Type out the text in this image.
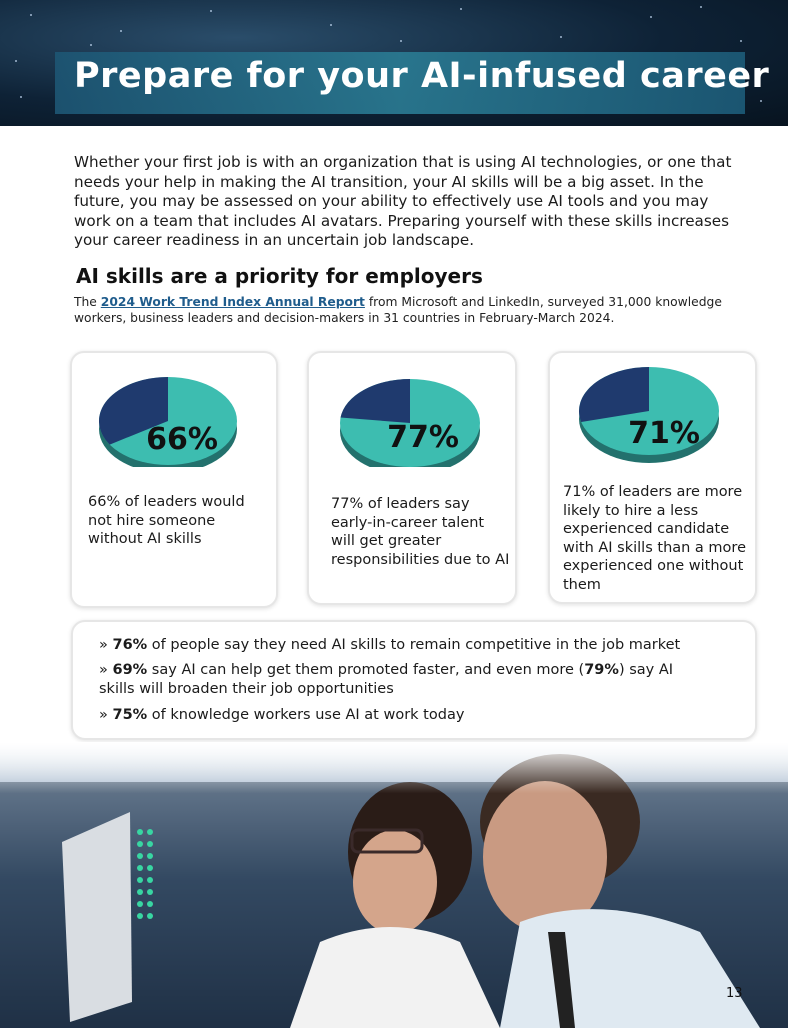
Prepare for your AI-infused career
Whether your first job is with an organization that is using AI technologies, or one that needs your help in making the AI transition, your AI skills will be a big asset. In the future, you may be assessed on your ability to effectively use AI tools and you may work on a team that includes AI avatars. Preparing yourself with these skills increases your career readiness in an uncertain job landscape.
AI skills are a priority for employers
The 2024 Work Trend Index Annual Report from Microsoft and LinkedIn, surveyed 31,000 knowledge workers, business leaders and decision-makers in 31 countries in February-March 2024.
66%
66% of leaders would not hire someone without AI skills
77%
77% of leaders say early-in-career talent will get greater responsibilities due to AI
71%
71% of leaders are more likely to hire a less experienced candidate with AI skills than a more experienced one without them
» 76% of people say they need AI skills to remain competitive in the job market
» 69% say AI can help get them promoted faster, and even more (79%) say AI
skills will broaden their job opportunities
» 75% of knowledge workers use AI at work today
13
